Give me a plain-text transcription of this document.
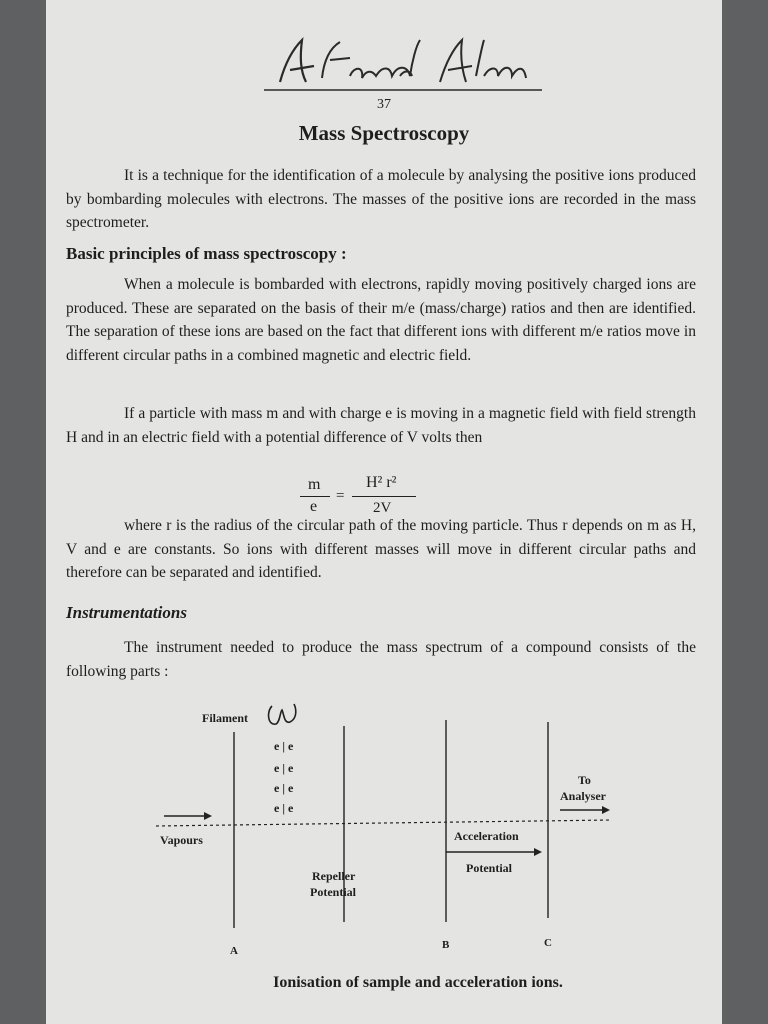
37
Mass Spectroscopy
It is a technique for the identification of a molecule by analysing the positive ions produced by bombarding molecules with electrons. The masses of the positive ions are recorded in the mass spectrometer.
Basic principles of mass spectroscopy :
When a molecule is bombarded with electrons, rapidly moving positively charged ions are produced. These are separated on the basis of their m/e (mass/charge) ratios and then are identified. The separation of these ions are based on the fact that different ions with different m/e ratios move in different circular paths in a combined magnetic and electric field.
If a particle with mass m and with charge e is moving in a magnetic field with field strength H and in an electric field with a potential difference of V volts then
m
e
=
H² r²
2V
where r is the radius of the circular path of the moving particle. Thus r depends on m as H, V and e are constants. So ions with different masses will move in different circular paths and therefore can be separated and identified.
Instrumentations
The instrument needed to produce the mass spectrum of a compound consists of the following parts :
Filament
e | e
e | e
e | e
e | e
Vapours
To
Analyser
Acceleration
Potential
Repeller
Potential
A	B	C
Ionisation of sample and acceleration ions.
